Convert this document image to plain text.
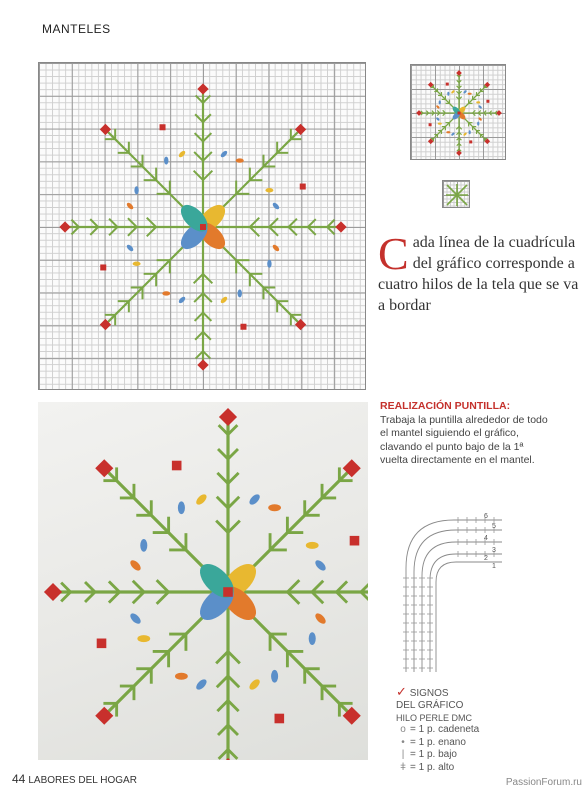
MANTELES
Cada línea de la cuadrícula del gráfico corresponde a cuatro hilos de la tela que se va a bordar
REALIZACIÓN PUNTILLA: Trabaja la puntilla alrededor de todo el mantel siguiendo el gráfico, clavando el punto bajo de la 1ª vuelta directamente en el mantel.
6
5
4
3
2
1
✓ SIGNOS
DEL GRÁFICO
HILO PERLE DMC
o = 1 p. cadeneta
• = 1 p. enano
| = 1 p. bajo
ǂ = 1 p. alto
44 LABORES DEL HOGAR	PassionForum.ru
